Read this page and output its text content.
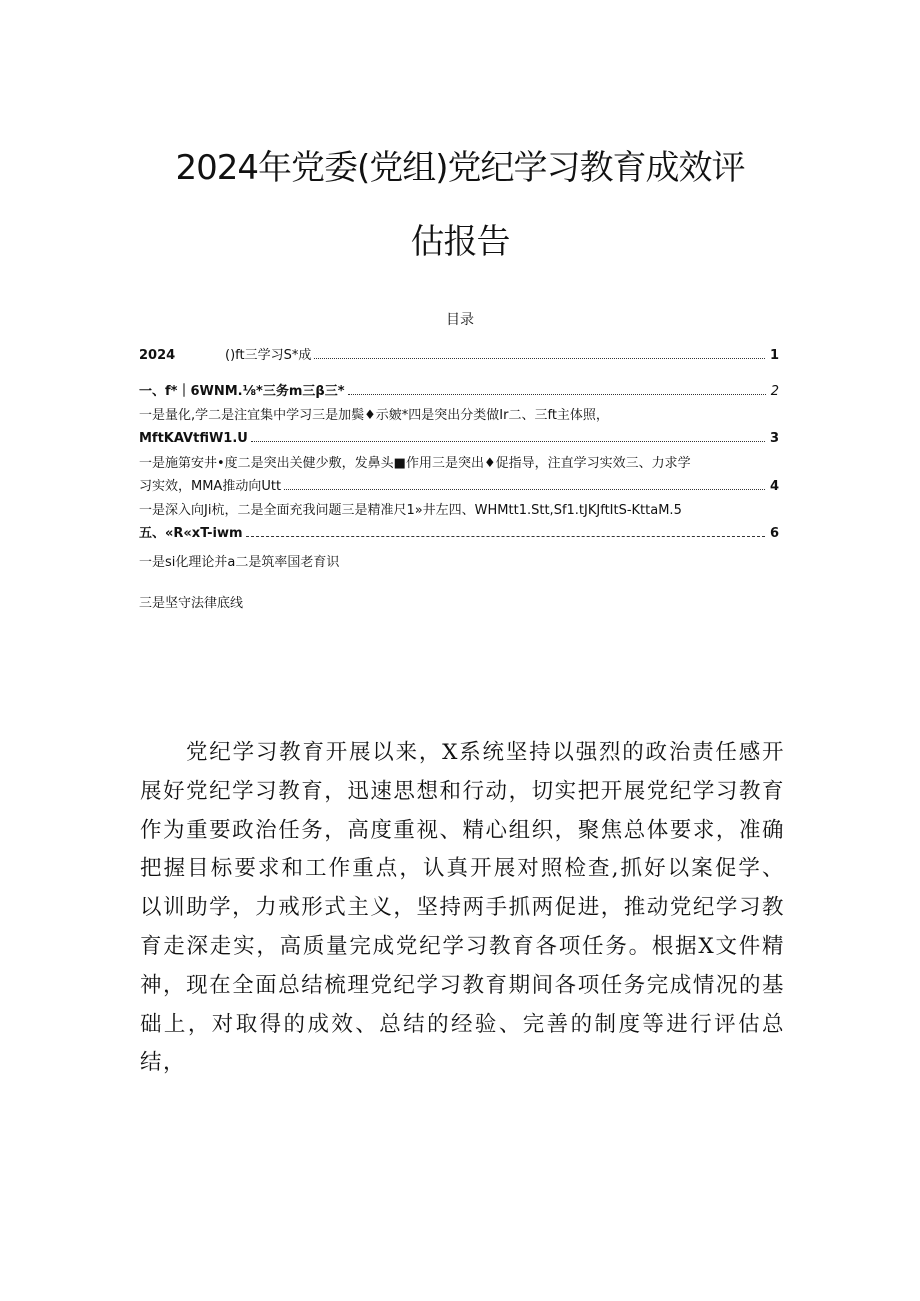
2024年党委(党组)党纪学习教育成效评
估报告
目录
2024	()ft三学习S*成	1
一、f*｜6WNM.⅛*三务m三β三*	2
一是量化,学二是注宜集中学习三是加鬓♦示皴*四是突出分类做Ir二、三ft主体照，
MftKAVtfiW1.U	3
一是施第安井•度二是突出关健少敷，发鼻头■作用三是突出♦促指导，注直学习实效三、力求学
习实效，MMA推动向Utt	4
一是深入向Ji杭，二是全面充我问题三是精准尺1»井左四、WHMtt1.Stt,Sf1.tJKJftItS-KttaM.5
五、«R«xT-iwm	6
一是si化理论并a二是筑率国老育识
三是坚守法律底线

党纪学习教育开展以来，X系统坚持以强烈的政治责任感开展好党纪学习教育，迅速思想和行动，切实把开展党纪学习教育作为重要政治任务，高度重视、精心组织，聚焦总体要求，准确把握目标要求和工作重点，认真开展对照检查,抓好以案促学、以训助学，力戒形式主义，坚持两手抓两促进，推动党纪学习教育走深走实，高质量完成党纪学习教育各项任务。根据X文件精神，现在全面总结梳理党纪学习教育期间各项任务完成情况的基础上，对取得的成效、总结的经验、完善的制度等进行评估总结，
